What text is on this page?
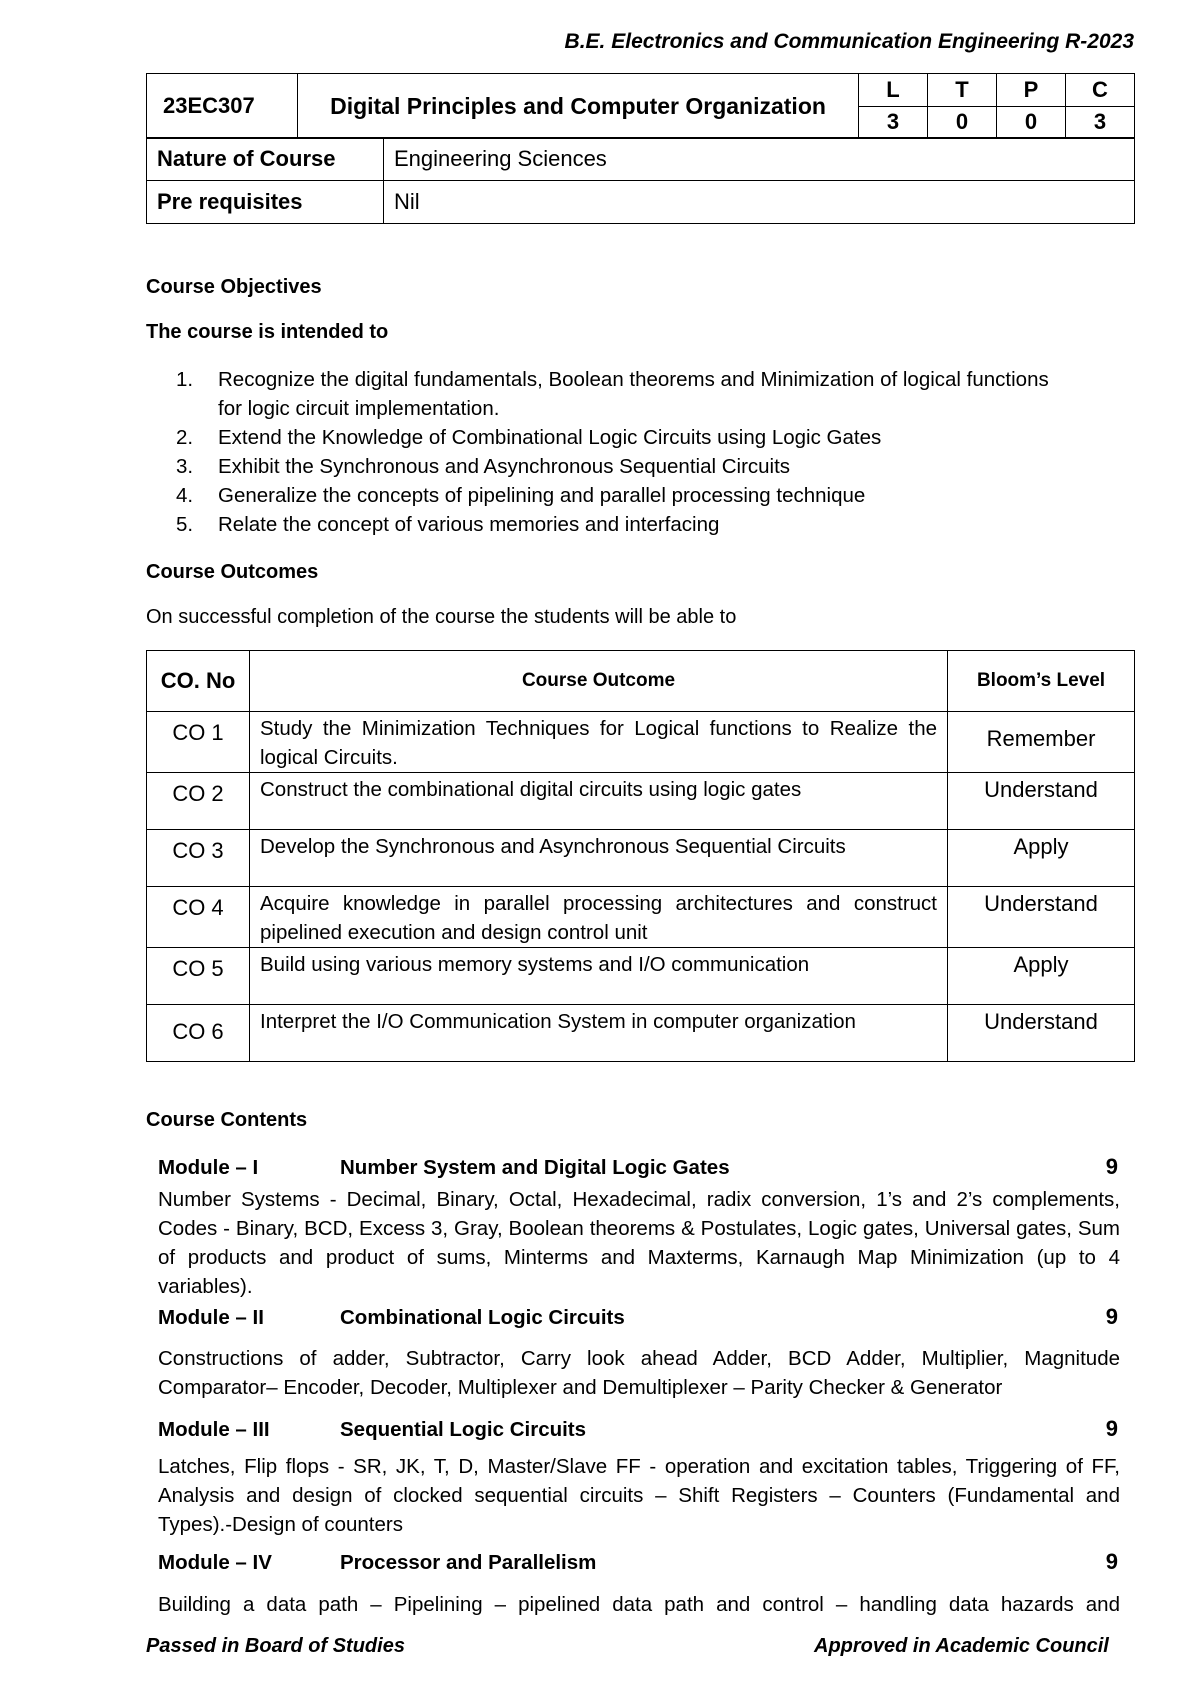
B.E. Electronics and Communication Engineering R-2023
23EC307	Digital Principles and Computer Organization	L	T	P	C
		3	0	0	3
Nature of Course	Engineering Sciences
Pre requisites	Nil
Course Objectives
The course is intended to
1.	Recognize the digital fundamentals, Boolean theorems and Minimization of logical functions
for logic circuit implementation.
2.	Extend the Knowledge of Combinational Logic Circuits using Logic Gates
3.	Exhibit the Synchronous and Asynchronous Sequential Circuits
4.	Generalize the concepts of pipelining and parallel processing technique
5.	Relate the concept of various memories and interfacing
Course Outcomes
On successful completion of the course the students will be able to
CO. No	Course Outcome	Bloom’s Level
CO 1	Study the Minimization Techniques for Logical functions to Realize the logical Circuits.	Remember
CO 2	Construct the combinational digital circuits using logic gates	Understand
CO 3	Develop the Synchronous and Asynchronous Sequential Circuits	Apply
CO 4	Acquire knowledge in parallel processing architectures and construct pipelined execution and design control unit	Understand
CO 5	Build using various memory systems and I/O communication	Apply
CO 6	Interpret the I/O Communication System in computer organization	Understand
Course Contents
Module – I	Number System and Digital Logic Gates	9
Number Systems - Decimal, Binary, Octal, Hexadecimal, radix conversion, 1’s and 2’s complements, Codes - Binary, BCD, Excess 3, Gray, Boolean theorems & Postulates, Logic gates, Universal gates, Sum of products and product of sums, Minterms and Maxterms, Karnaugh Map Minimization (up to 4 variables).
Module – II	Combinational Logic Circuits	9
Constructions of adder, Subtractor, Carry look ahead Adder, BCD Adder, Multiplier, Magnitude Comparator– Encoder, Decoder, Multiplexer and Demultiplexer – Parity Checker & Generator
Module – III	Sequential Logic Circuits	9
Latches, Flip flops - SR, JK, T, D, Master/Slave FF - operation and excitation tables, Triggering of FF, Analysis and design of clocked sequential circuits – Shift Registers – Counters (Fundamental and Types).-Design of counters
Module – IV	Processor and Parallelism	9
Building a data path – Pipelining – pipelined data path and control – handling data hazards and
Passed in Board of Studies	Approved in Academic Council
